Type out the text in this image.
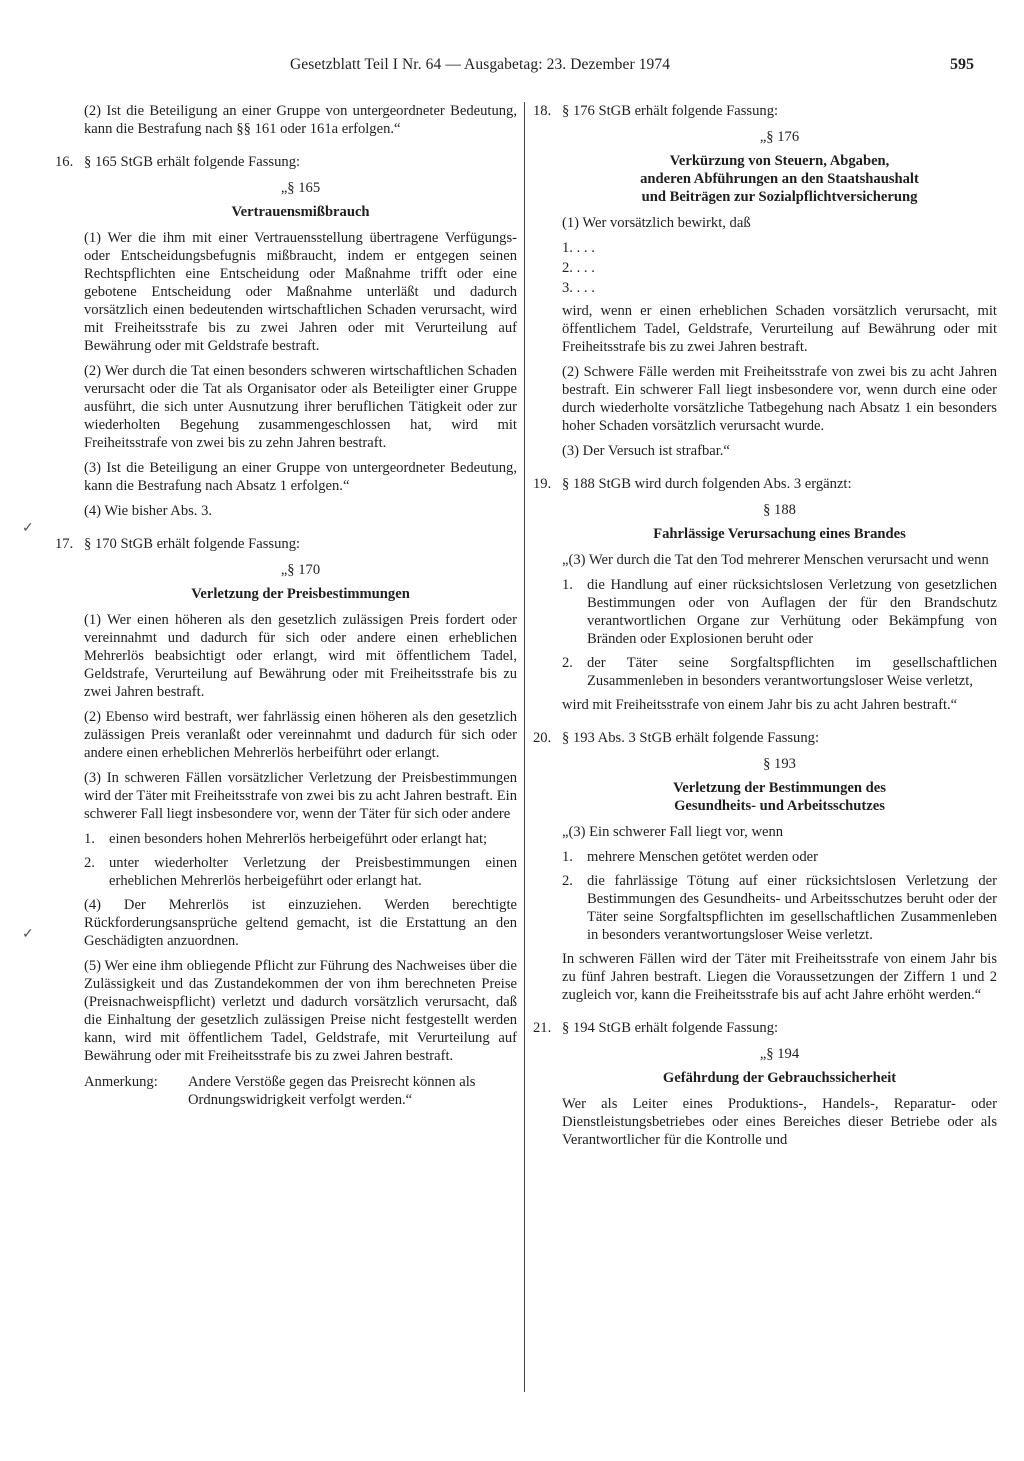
Gesetzblatt Teil I Nr. 64 — Ausgabetag: 23. Dezember 1974	595
✓
✓

(2) Ist die Beteiligung an einer Gruppe von untergeordneter Bedeutung, kann die Bestrafung nach §§ 161 oder 161a erfolgen.“

16. § 165 StGB erhält folgende Fassung:
„§ 165
Vertrauensmißbrauch

(1) Wer die ihm mit einer Vertrauensstellung übertragene Verfügungs- oder Entscheidungsbefugnis mißbraucht, indem er entgegen seinen Rechtspflichten eine Entscheidung oder Maßnahme trifft oder eine gebotene Entscheidung oder Maßnahme unterläßt und dadurch vorsätzlich einen bedeutenden wirtschaftlichen Schaden verursacht, wird mit Freiheitsstrafe bis zu zwei Jahren oder mit Verurteilung auf Bewährung oder mit Geldstrafe bestraft.

(2) Wer durch die Tat einen besonders schweren wirtschaftlichen Schaden verursacht oder die Tat als Organisator oder als Beteiligter einer Gruppe ausführt, die sich unter Ausnutzung ihrer beruflichen Tätigkeit oder zur wiederholten Begehung zusammengeschlossen hat, wird mit Freiheitsstrafe von zwei bis zu zehn Jahren bestraft.

(3) Ist die Beteiligung an einer Gruppe von untergeordneter Bedeutung, kann die Bestrafung nach Absatz 1 erfolgen.“

(4) Wie bisher Abs. 3.

17. § 170 StGB erhält folgende Fassung:
„§ 170
Verletzung der Preisbestimmungen

(1) Wer einen höheren als den gesetzlich zulässigen Preis fordert oder vereinnahmt und dadurch für sich oder andere einen erheblichen Mehrerlös beabsichtigt oder erlangt, wird mit öffentlichem Tadel, Geldstrafe, Verurteilung auf Bewährung oder mit Freiheitsstrafe bis zu zwei Jahren bestraft.

(2) Ebenso wird bestraft, wer fahrlässig einen höheren als den gesetzlich zulässigen Preis veranlaßt oder vereinnahmt und dadurch für sich oder andere einen erheblichen Mehrerlös herbeiführt oder erlangt.

(3) In schweren Fällen vorsätzlicher Verletzung der Preisbestimmungen wird der Täter mit Freiheitsstrafe von zwei bis zu acht Jahren bestraft. Ein schwerer Fall liegt insbesondere vor, wenn der Täter für sich oder andere

1. einen besonders hohen Mehrerlös herbeigeführt oder erlangt hat;
2. unter wiederholter Verletzung der Preisbestimmungen einen erheblichen Mehrerlös herbeigeführt oder erlangt hat.

(4) Der Mehrerlös ist einzuziehen. Werden berechtigte Rückforderungsansprüche geltend gemacht, ist die Erstattung an den Geschädigten anzuordnen.

(5) Wer eine ihm obliegende Pflicht zur Führung des Nachweises über die Zulässigkeit und das Zustandekommen der von ihm berechneten Preise (Preisnachweispflicht) verletzt und dadurch vorsätzlich verursacht, daß die Einhaltung der gesetzlich zulässigen Preise nicht festgestellt werden kann, wird mit öffentlichem Tadel, Geldstrafe, mit Verurteilung auf Bewährung oder mit Freiheitsstrafe bis zu zwei Jahren bestraft.

Anmerkung:	Andere Verstöße gegen das Preisrecht können als Ordnungswidrigkeit verfolgt werden.“
18. § 176 StGB erhält folgende Fassung:
„§ 176
Verkürzung von Steuern, Abgaben,
anderen Abführungen an den Staatshaushalt
und Beiträgen zur Sozialpflichtversicherung

(1) Wer vorsätzlich bewirkt, daß

1. . . .
2. . . .
3. . . .

wird, wenn er einen erheblichen Schaden vorsätzlich verursacht, mit öffentlichem Tadel, Geldstrafe, Verurteilung auf Bewährung oder mit Freiheitsstrafe bis zu zwei Jahren bestraft.

(2) Schwere Fälle werden mit Freiheitsstrafe von zwei bis zu acht Jahren bestraft. Ein schwerer Fall liegt insbesondere vor, wenn durch eine oder durch wiederholte vorsätzliche Tatbegehung nach Absatz 1 ein besonders hoher Schaden vorsätzlich verursacht wurde.

(3) Der Versuch ist strafbar.“

19. § 188 StGB wird durch folgenden Abs. 3 ergänzt:
§ 188
Fahrlässige Verursachung eines Brandes

„(3) Wer durch die Tat den Tod mehrerer Menschen verursacht und wenn

1. die Handlung auf einer rücksichtslosen Verletzung von gesetzlichen Bestimmungen oder von Auflagen der für den Brandschutz verantwortlichen Organe zur Verhütung oder Bekämpfung von Bränden oder Explosionen beruht oder
2. der Täter seine Sorgfaltspflichten im gesellschaftlichen Zusammenleben in besonders verantwortungsloser Weise verletzt,

wird mit Freiheitsstrafe von einem Jahr bis zu acht Jahren bestraft.“

20. § 193 Abs. 3 StGB erhält folgende Fassung:
§ 193
Verletzung der Bestimmungen des
Gesundheits- und Arbeitsschutzes

„(3) Ein schwerer Fall liegt vor, wenn

1. mehrere Menschen getötet werden oder
2. die fahrlässige Tötung auf einer rücksichtslosen Verletzung der Bestimmungen des Gesundheits- und Arbeitsschutzes beruht oder der Täter seine Sorgfaltspflichten im gesellschaftlichen Zusammenleben in besonders verantwortungsloser Weise verletzt.

In schweren Fällen wird der Täter mit Freiheitsstrafe von einem Jahr bis zu fünf Jahren bestraft. Liegen die Voraussetzungen der Ziffern 1 und 2 zugleich vor, kann die Freiheitsstrafe bis auf acht Jahre erhöht werden.“

21. § 194 StGB erhält folgende Fassung:
„§ 194
Gefährdung der Gebrauchssicherheit

Wer als Leiter eines Produktions-, Handels-, Reparatur- oder Dienstleistungsbetriebes oder eines Bereiches dieser Betriebe oder als Verantwortlicher für die Kontrolle und
